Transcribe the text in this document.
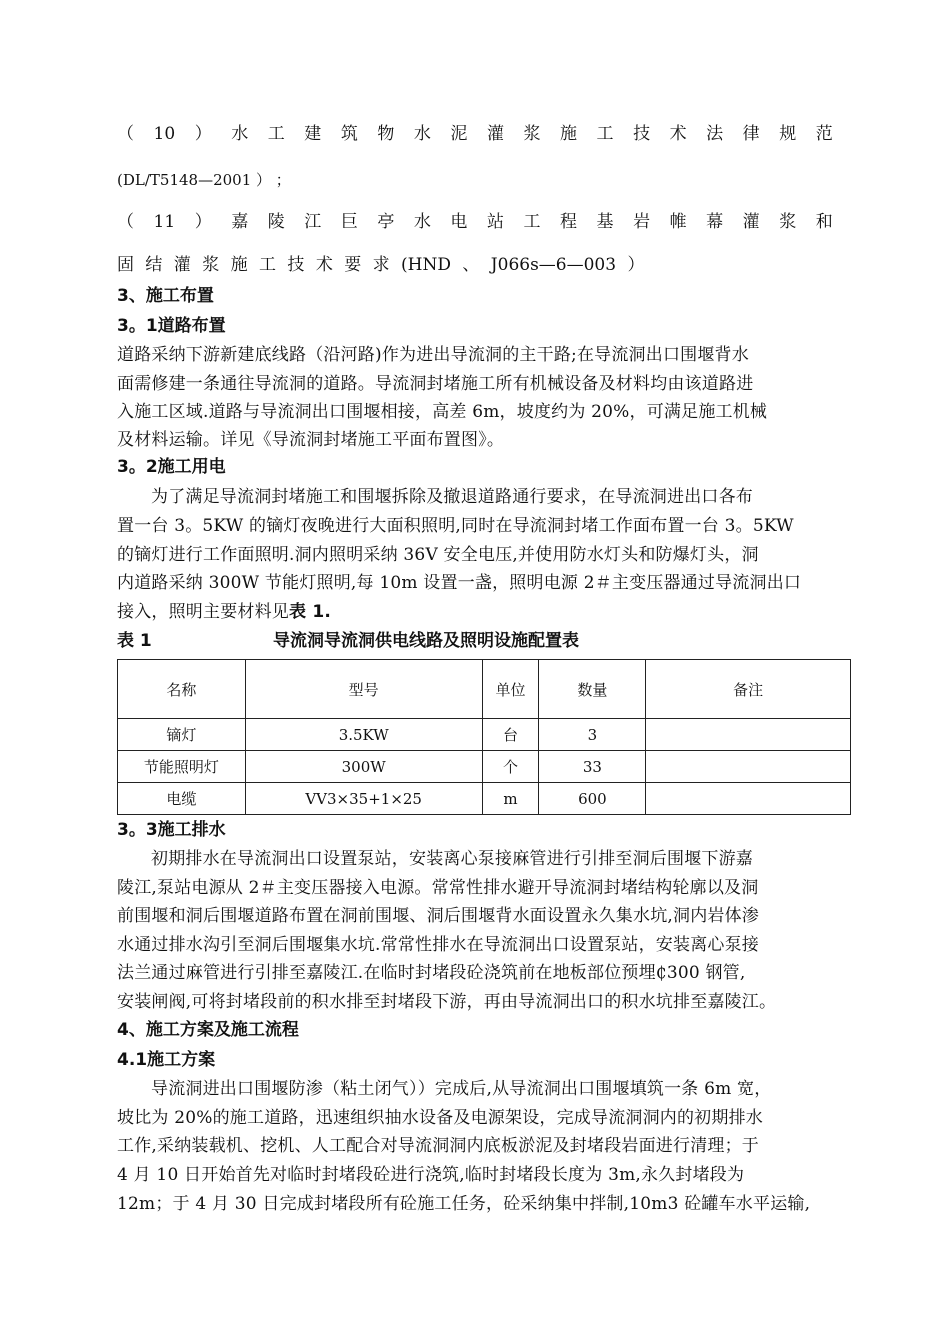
（ 10 ） 水 工 建 筑 物 水 泥 灌 浆 施 工 技 术 法 律 规 范
(DL/T5148—2001 ） ；
（ 11 ） 嘉 陵 江 巨 亭 水 电 站 工 程 基 岩 帷 幕 灌 浆 和
固 结 灌 浆 施 工 技 术 要 求 (HND 、 J066s—6—003 ）
3、施工布置
3。1道路布置
道路采纳下游新建底线路（沿河路)作为进出导流洞的主干路;在导流洞出口围堰背水
面需修建一条通往导流洞的道路。导流洞封堵施工所有机械设备及材料均由该道路进
入施工区域.道路与导流洞出口围堰相接，高差 6m，坡度约为 20%，可满足施工机械
及材料运输。详见《导流洞封堵施工平面布置图》。
3。2施工用电
为了满足导流洞封堵施工和围堰拆除及撤退道路通行要求，在导流洞进出口各布
置一台 3。5KW 的镝灯夜晚进行大面积照明,同时在导流洞封堵工作面布置一台 3。5KW
的镝灯进行工作面照明.洞内照明采纳 36V 安全电压,并使用防水灯头和防爆灯头，洞
内道路采纳 300W 节能灯照明,每 10m 设置一盏，照明电源 2＃主变压器通过导流洞出口
接入，照明主要材料见表 1.
表 1	导流洞导流洞供电线路及照明设施配置表
名称	型号	单位	数量	备注
镝灯	3.5KW	台	3	
节能照明灯	300W	个	33	
电缆	VV3×35+1×25	m	600	
3。3施工排水
初期排水在导流洞出口设置泵站，安装离心泵接麻管进行引排至洞后围堰下游嘉
陵江,泵站电源从 2＃主变压器接入电源。常常性排水避开导流洞封堵结构轮廓以及洞
前围堰和洞后围堰道路布置在洞前围堰、洞后围堰背水面设置永久集水坑,洞内岩体渗
水通过排水沟引至洞后围堰集水坑.常常性排水在导流洞出口设置泵站，安装离心泵接
法兰通过麻管进行引排至嘉陵江.在临时封堵段砼浇筑前在地板部位预埋₵300 钢管,
安装闸阀,可将封堵段前的积水排至封堵段下游，再由导流洞出口的积水坑排至嘉陵江。
4、施工方案及施工流程
4.1施工方案
导流洞进出口围堰防渗（粘土闭气））完成后,从导流洞出口围堰填筑一条 6m 宽，
坡比为 20%的施工道路，迅速组织抽水设备及电源架设，完成导流洞洞内的初期排水
工作,采纳装载机、挖机、人工配合对导流洞洞内底板淤泥及封堵段岩面进行清理；于
4 月 10 日开始首先对临时封堵段砼进行浇筑,临时封堵段长度为 3m,永久封堵段为
12m；于 4 月 30 日完成封堵段所有砼施工任务，砼采纳集中拌制,10m3 砼罐车水平运输,
